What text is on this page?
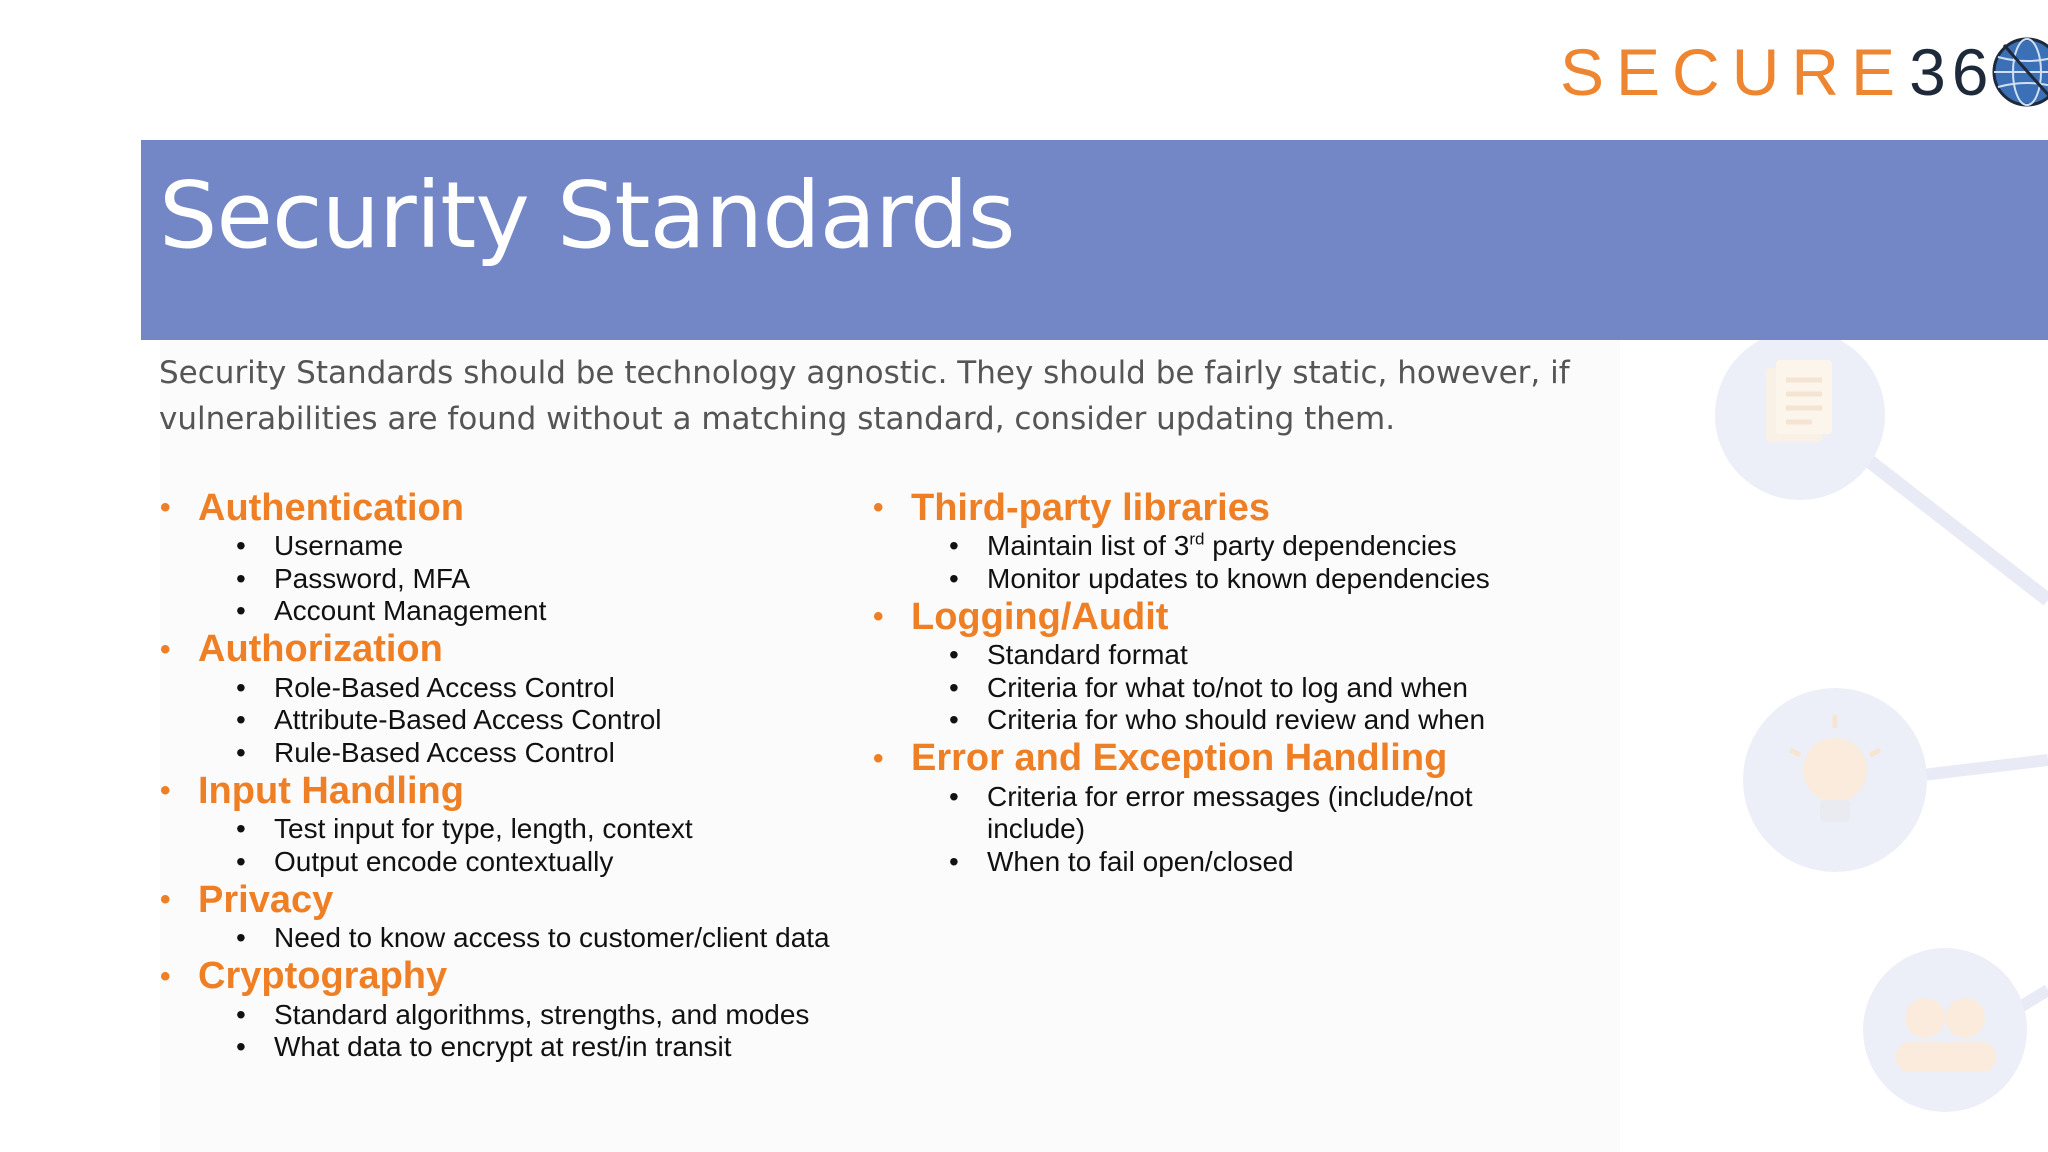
SECURE 36
Security Standards

Security Standards should be technology agnostic. They should be fairly static, however, if vulnerabilities are found without a matching standard, consider updating them.

• Authentication
•	Username
•	Password, MFA
•	Account Management
• Authorization
•	Role-Based Access Control
•	Attribute-Based Access Control
•	Rule-Based Access Control
• Input Handling
•	Test input for type, length, context
•	Output encode contextually
• Privacy
•	Need to know access to customer/client data
• Cryptography
•	Standard algorithms, strengths, and modes
•	What data to encrypt at rest/in transit
• Third-party libraries
•	Maintain list of 3rd party dependencies
•	Monitor updates to known dependencies
• Logging/Audit
•	Standard format
•	Criteria for what to/not to log and when
•	Criteria for who should review and when
• Error and Exception Handling
•	Criteria for error messages (include/not
include)
•	When to fail open/closed
